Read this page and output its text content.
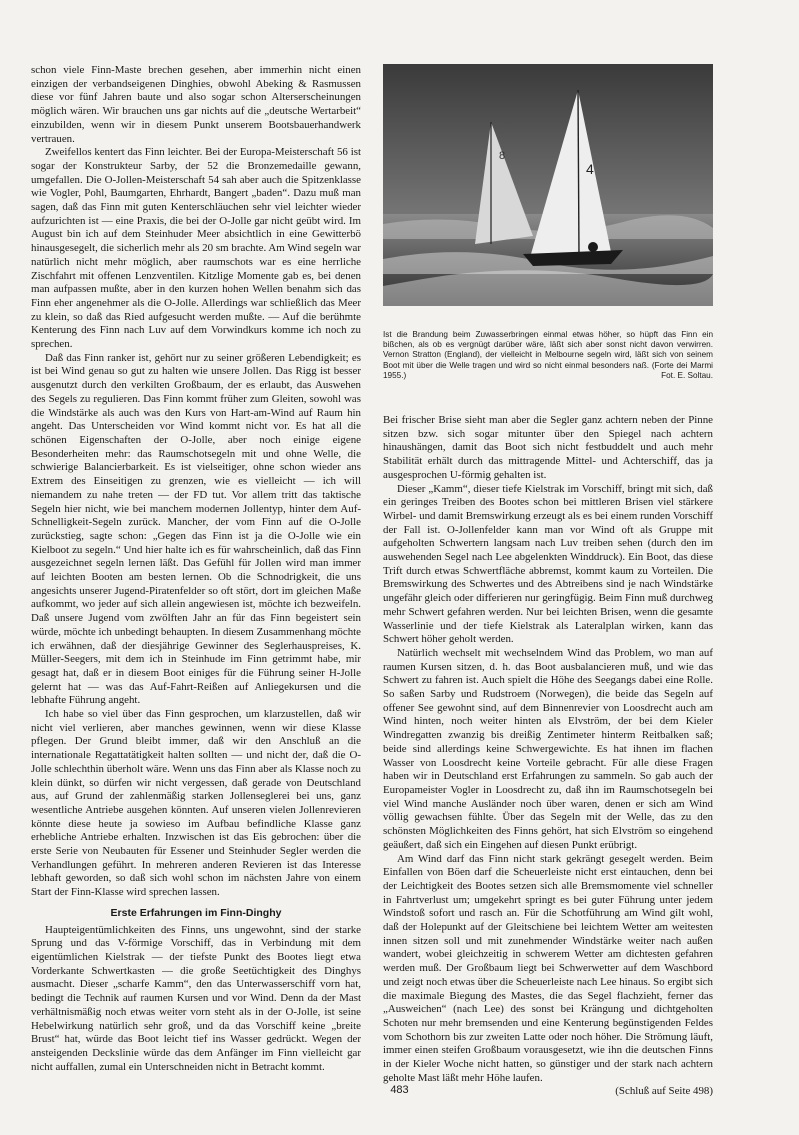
schon viele Finn-Maste brechen gesehen, aber immerhin nicht einen einzigen der verbandseigenen Dinghies, obwohl Abeking & Rasmussen diese vor fünf Jahren baute und also sogar schon Alterserscheinungen möglich wären. Wir brauchen uns gar nichts auf die „deutsche Wertarbeit“ einzubilden, wenn wir in diesem Punkt unserem Bootsbauerhandwerk vertrauen.

Zweifellos kentert das Finn leichter. Bei der Europa-Meisterschaft 56 ist sogar der Konstrukteur Sarby, der 52 die Bronzemedaille gewann, umgefallen. Die O-Jollen-Meisterschaft 54 sah aber auch die Spitzenklasse wie Vogler, Pohl, Baumgarten, Ehrhardt, Bangert „baden“. Dazu muß man sagen, daß das Finn mit guten Kenterschläuchen sehr viel leichter wieder aufzurichten ist — eine Praxis, die bei der O-Jolle gar nicht geübt wird. Im August bin ich auf dem Steinhuder Meer absichtlich in eine Gewitterbö hinausgesegelt, die sicherlich mehr als 20 sm brachte. Am Wind segeln war natürlich nicht mehr möglich, aber raumschots war es eine herrliche Zischfahrt mit offenen Lenzventilen. Kitzlige Momente gab es, bei denen man aufpassen mußte, aber in den kurzen hohen Wellen benahm sich das Finn eher angenehmer als die O-Jolle. Allerdings war schließlich das Meer zu klein, so daß das Ried aufgesucht werden mußte. — Auf die berühmte Kenterung des Finn nach Luv auf dem Vorwindkurs komme ich noch zu sprechen.

Daß das Finn ranker ist, gehört nur zu seiner größeren Lebendigkeit; es ist bei Wind genau so gut zu halten wie unsere Jollen. Das Rigg ist besser ausgenutzt durch den verkilten Großbaum, der es erlaubt, das Auswehen des Segels zu regulieren. Das Finn kommt früher zum Gleiten, sowohl was die Windstärke als auch was den Kurs von Hart-am-Wind auf Raum hin angeht. Das Unterscheiden vor Wind kommt nicht vor. Es hat all die schönen Eigenschaften der O-Jolle, aber noch einige eigene Besonderheiten mehr: das Raumschotsegeln mit und ohne Welle, die schwierige Balancierbarkeit. Es ist vielseitiger, ohne schon wieder ans Extrem des Einseitigen zu grenzen, wie es vielleicht — ich will niemandem zu nahe treten — der FD tut. Vor allem tritt das taktische Segeln hier nicht, wie bei manchem modernen Jollentyp, hinter dem Auf-Schnelligkeit-Segeln zurück. Mancher, der vom Finn auf die O-Jolle zurückstieg, sagte schon: „Gegen das Finn ist ja die O-Jolle wie ein Kielboot zu segeln.“ Und hier halte ich es für wahrscheinlich, daß das Finn ausgezeichnet segeln lernen läßt. Das Gefühl für Jollen wird man immer auf leichten Booten am besten lernen. Ob die Schnodrigkeit, die uns angesichts unserer Jugend-Piratenfelder so oft stört, dort im gleichen Maße aufkommt, wo jeder auf sich allein angewiesen ist, möchte ich bezweifeln. Daß unsere Jugend vom zwölften Jahr an für das Finn begeistert sein würde, möchte ich unbedingt behaupten. In diesem Zusammenhang möchte ich erwähnen, daß der diesjährige Gewinner des Seglerhauspreises, K. Müller-Seegers, mit dem ich in Steinhude im Finn getrimmt habe, mir gesagt hat, daß er in diesem Boot einiges für die Führung seiner H-Jolle gelernt hat — was das Auf-Fahrt-Reißen auf Anliegekursen und die lebhafte Führung angeht.

Ich habe so viel über das Finn gesprochen, um klarzustellen, daß wir nicht viel verlieren, aber manches gewinnen, wenn wir diese Klasse pflegen. Der Grund bleibt immer, daß wir den Anschluß an die internationale Regattatätigkeit halten sollten — und nicht der, daß die O-Jolle schlechthin überholt wäre. Wenn uns das Finn aber als Klasse noch zu klein dünkt, so dürfen wir nicht vergessen, daß gerade von Deutschland aus, auf Grund der zahlenmäßig starken Jollenseglerei bei uns, ganz wesentliche Antriebe ausgehen könnten. Auf unseren vielen Jollenrevieren könnte diese heute ja sowieso im Aufbau befindliche Klasse ganz erhebliche Antriebe erhalten. Inzwischen ist das Eis gebrochen: über die erste Serie von Neubauten für Essener und Steinhuder Segler werden die Verhandlungen geführt. In mehreren anderen Revieren ist das Interesse lebhaft geworden, so daß sich wohl schon im nächsten Jahre von einem Start der Finn-Klasse wird sprechen lassen.

Erste Erfahrungen im Finn-Dinghy

Haupteigentümlichkeiten des Finns, uns ungewohnt, sind der starke Sprung und das V-förmige Vorschiff, das in Verbindung mit dem eigentümlichen Kielstrak — der tiefste Punkt des Bootes liegt etwa Vorderkante Schwertkasten — die große Seetüchtigkeit des Dinghys ausmacht. Dieser „scharfe Kamm“, den das Unterwasserschiff vorn hat, bedingt die Technik auf raumen Kursen und vor Wind. Denn da der Mast verhältnismäßig noch etwas weiter vorn steht als in der O-Jolle, ist seine Hebelwirkung natürlich sehr groß, und da das Vorschiff keine „breite Brust“ hat, würde das Boot leicht tief ins Wasser gedrückt. Wegen der ansteigenden Deckslinie würde das dem Anfänger im Finn vielleicht gar nicht auffallen, zumal ein Unterschneiden nicht in Betracht kommt.

8
4
Ist die Brandung beim Zuwasserbringen einmal etwas höher, so hüpft das Finn ein bißchen, als ob es vergnügt darüber wäre, läßt sich aber sonst nicht davon verwirren. Vernon Stratton (England), der vielleicht in Melbourne segeln wird, läßt sich von seinem Boot mit über die Welle tragen und wird so nicht einmal besonders naß. (Forte dei Marmi 1955.)	Fot. E. Soltau.

Bei frischer Brise sieht man aber die Segler ganz achtern neben der Pinne sitzen bzw. sich sogar mitunter über den Spiegel nach achtern hinaushängen, damit das Boot sich nicht festbuddelt und auch mehr Stabilität erhält durch das mittragende Mittel- und Achterschiff, das ja ausgesprochen U-förmig gehalten ist.

Dieser „Kamm“, dieser tiefe Kielstrak im Vorschiff, bringt mit sich, daß ein geringes Treiben des Bootes schon bei mittleren Brisen viel stärkere Wirbel- und damit Bremswirkung erzeugt als es bei einem runden Vorschiff der Fall ist. O-Jollenfelder kann man vor Wind oft als Gruppe mit aufgeholten Schwertern langsam nach Luv treiben sehen (durch den im auswehenden Segel nach Lee abgelenkten Winddruck). Ein Boot, das diese Trift durch etwas Schwertfläche abbremst, kommt kaum zu Vorteilen. Die Bremswirkung des Schwertes und des Abtreibens sind je nach Windstärke ungefähr gleich oder differieren nur geringfügig. Beim Finn muß durchweg mehr Schwert gefahren werden. Nur bei leichten Brisen, wenn die gesamte Wasserlinie und der tiefe Kielstrak als Lateralplan wirken, kann das Schwert höher geholt werden.

Natürlich wechselt mit wechselndem Wind das Problem, wo man auf raumen Kursen sitzen, d. h. das Boot ausbalancieren muß, und wie das Schwert zu fahren ist. Auch spielt die Höhe des Seegangs dabei eine Rolle. So saßen Sarby und Rudstroem (Norwegen), die beide das Segeln auf offener See gewohnt sind, auf dem Binnenrevier von Loosdrecht auch am Wind hinten, noch weiter hinten als Elvström, der bei dem Kieler Windregatten zwanzig bis dreißig Zentimeter hinterm Reitbalken saß; beide sind allerdings keine Schwergewichte. Es hat ihnen im flachen Wasser von Loosdrecht keine Vorteile gebracht. Für alle diese Fragen haben wir in Deutschland erst Erfahrungen zu sammeln. So gab auch der Europameister Vogler in Loosdrecht zu, daß ihn im Raumschotsegeln bei viel Wind manche Ausländer noch über waren, denen er sich am Wind völlig gewachsen fühlte. Über das Segeln mit der Welle, das zu den schönsten Möglichkeiten des Finns gehört, hat sich Elvström so eingehend geäußert, daß sich ein Eingehen auf diesen Punkt erübrigt.

Am Wind darf das Finn nicht stark gekrängt gesegelt werden. Beim Einfallen von Böen darf die Scheuerleiste nicht erst eintauchen, denn bei der Leichtigkeit des Bootes setzen sich alle Bremsmomente viel schneller in Fahrtverlust um; umgekehrt springt es bei guter Führung unter jedem Windstoß sofort und rasch an. Für die Schotführung am Wind gilt wohl, daß der Holepunkt auf der Gleitschiene bei leichtem Wetter am weitesten innen sitzen soll und mit zunehmender Windstärke weiter nach außen wandert, wobei gleichzeitig in schwerem Wetter am dichtesten gefahren werden muß. Der Großbaum liegt bei Schwerwetter auf dem Waschbord und zeigt noch etwas über die Scheuerleiste nach Lee hinaus. So ergibt sich die maximale Biegung des Mastes, die das Segel flachzieht, ferner das „Ausweichen“ (nach Lee) des sonst bei Krängung und dichtgeholten Schoten nur mehr bremsenden und eine Kenterung begünstigenden Feldes vom Schothorn bis zur zweiten Latte oder noch höher. Die Strömung läuft, immer einen steifen Großbaum vorausgesetzt, wie ihn die deutschen Finns in der Kieler Woche nicht hatten, so günstiger und der stark nach achtern geholte Mast läßt mehr Höhe laufen.

(Schluß auf Seite 498)

483
